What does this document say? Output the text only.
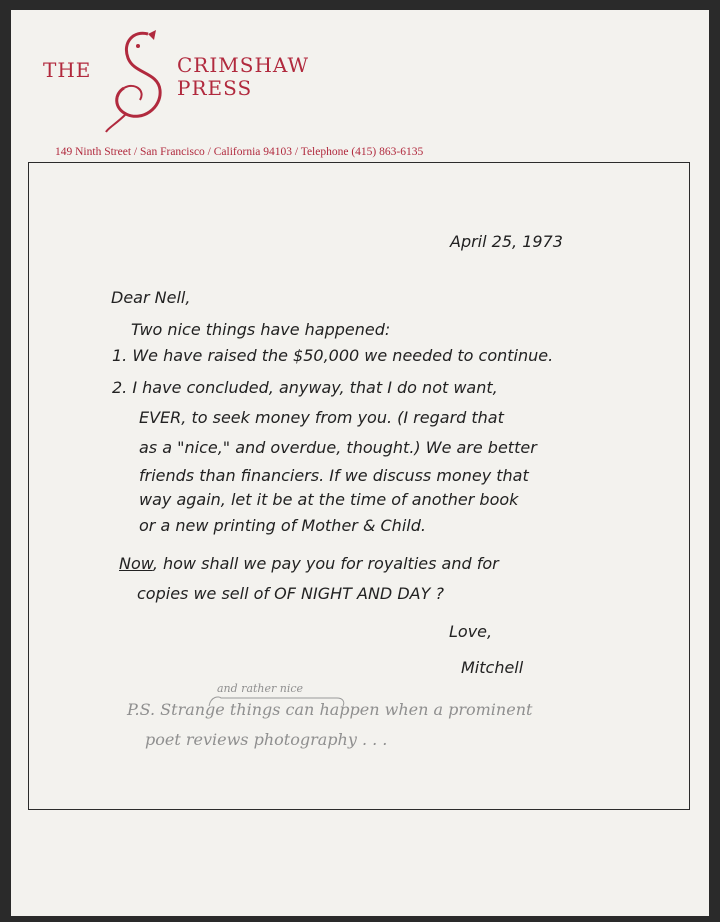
THE	CRIMSHAW
PRESS
149 Ninth Street / San Francisco / California 94103 / Telephone (415) 863-6135
April 25, 1973
Dear Nell,
Two nice things have happened:
1. We have raised the $50,000 we needed to continue.
2. I have concluded, anyway, that I do not want,
EVER, to seek money from you. (I regard that
as a "nice," and overdue, thought.) We are better
friends than financiers. If we discuss money that
way again, let it be at the time of another book
or a new printing of Mother & Child.
Now, how shall we pay you for royalties and for
copies we sell of OF NIGHT AND DAY ?
Love,
Mitchell
and rather nice
P.S. Strange things can happen when a prominent
poet reviews photography . . .
